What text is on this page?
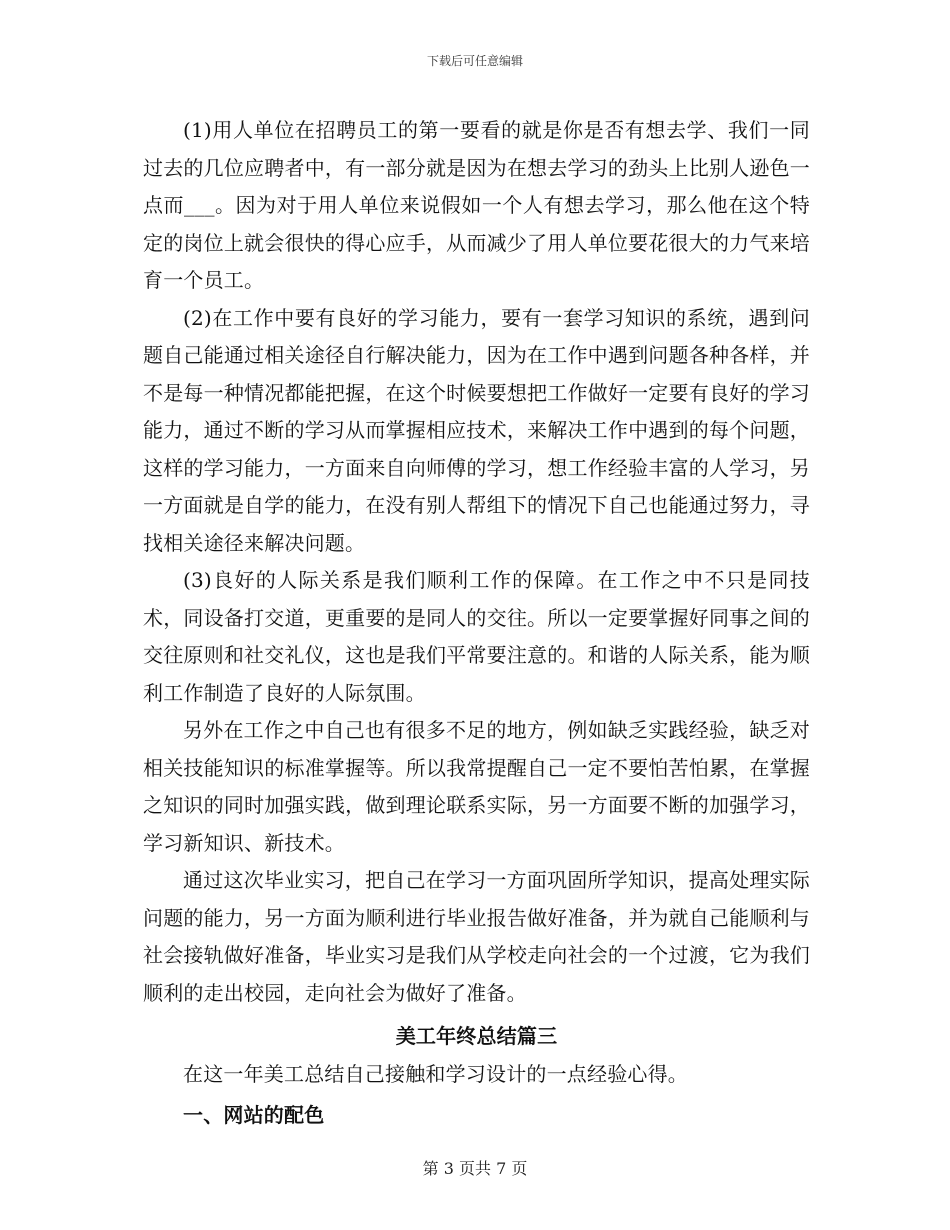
下载后可任意编辑

(1)用人单位在招聘员工的第一要看的就是你是否有想去学、我们一同过去的几位应聘者中，有一部分就是因为在想去学习的劲头上比别人逊色一点而___。因为对于用人单位来说假如一个人有想去学习，那么他在这个特定的岗位上就会很快的得心应手，从而减少了用人单位要花很大的力气来培育一个员工。

(2)在工作中要有良好的学习能力，要有一套学习知识的系统，遇到问题自己能通过相关途径自行解决能力，因为在工作中遇到问题各种各样，并不是每一种情况都能把握，在这个时候要想把工作做好一定要有良好的学习能力，通过不断的学习从而掌握相应技术，来解决工作中遇到的每个问题，这样的学习能力，一方面来自向师傅的学习，想工作经验丰富的人学习，另一方面就是自学的能力，在没有别人帮组下的情况下自己也能通过努力，寻找相关途径来解决问题。

(3)良好的人际关系是我们顺利工作的保障。在工作之中不只是同技术，同设备打交道，更重要的是同人的交往。所以一定要掌握好同事之间的交往原则和社交礼仪，这也是我们平常要注意的。和谐的人际关系，能为顺利工作制造了良好的人际氛围。

另外在工作之中自己也有很多不足的地方，例如缺乏实践经验，缺乏对相关技能知识的标准掌握等。所以我常提醒自己一定不要怕苦怕累，在掌握之知识的同时加强实践，做到理论联系实际，另一方面要不断的加强学习，学习新知识、新技术。

通过这次毕业实习，把自己在学习一方面巩固所学知识，提高处理实际问题的能力，另一方面为顺利进行毕业报告做好准备，并为就自己能顺利与社会接轨做好准备，毕业实习是我们从学校走向社会的一个过渡，它为我们顺利的走出校园，走向社会为做好了准备。

美工年终总结篇三

在这一年美工总结自己接触和学习设计的一点经验心得。

一、网站的配色

第 3 页共 7 页
